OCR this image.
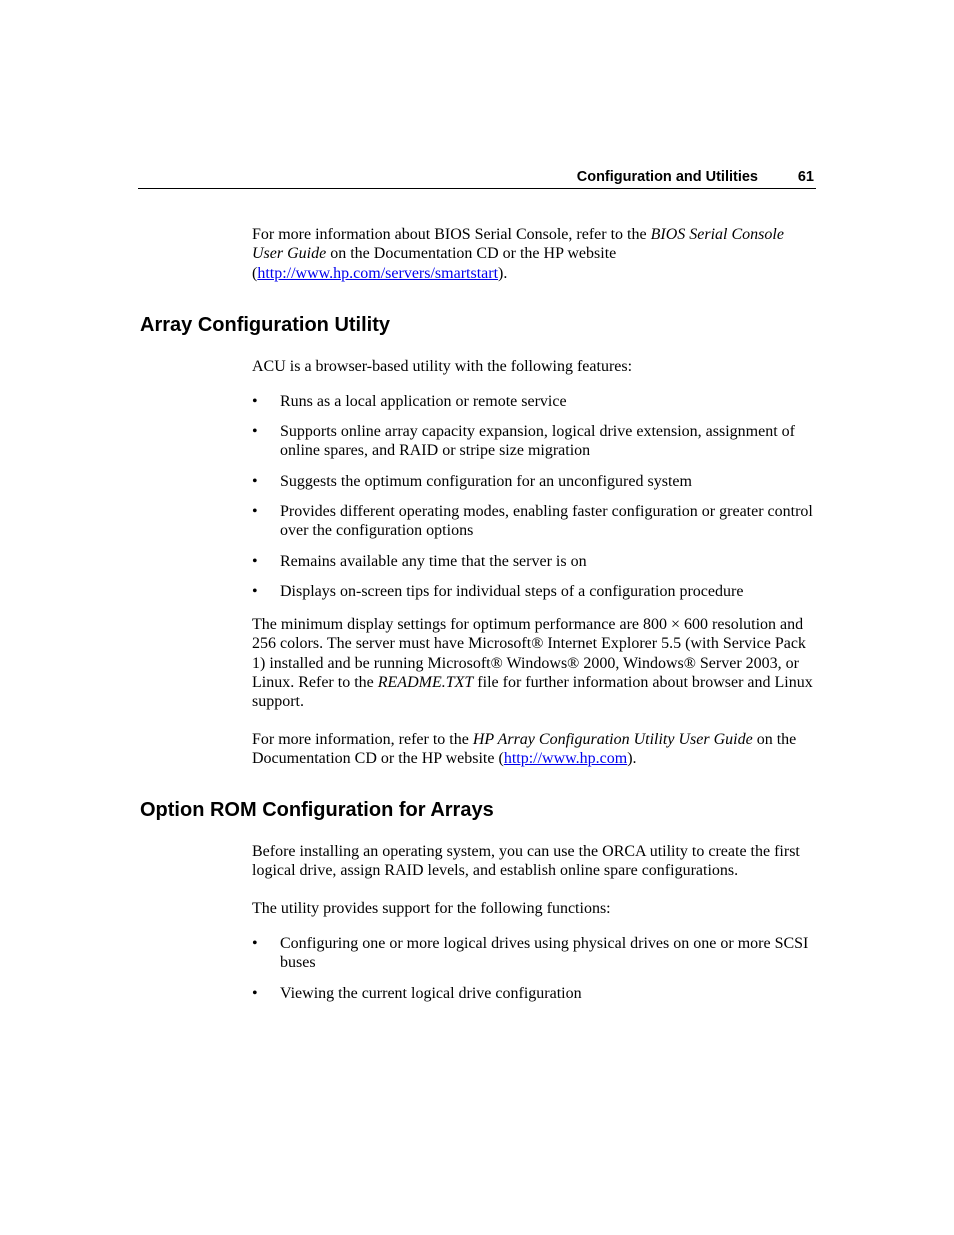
Configuration and Utilities	61

For more information about BIOS Serial Console, refer to the BIOS Serial Console User Guide on the Documentation CD or the HP website (http://www.hp.com/servers/smartstart).

Array Configuration Utility

ACU is a browser-based utility with the following features:

• Runs as a local application or remote service
• Supports online array capacity expansion, logical drive extension, assignment of online spares, and RAID or stripe size migration
• Suggests the optimum configuration for an unconfigured system
• Provides different operating modes, enabling faster configuration or greater control over the configuration options
• Remains available any time that the server is on
• Displays on-screen tips for individual steps of a configuration procedure

The minimum display settings for optimum performance are 800 × 600 resolution and 256 colors. The server must have Microsoft® Internet Explorer 5.5 (with Service Pack 1) installed and be running Microsoft® Windows® 2000, Windows® Server 2003, or Linux. Refer to the README.TXT file for further information about browser and Linux support.

For more information, refer to the HP Array Configuration Utility User Guide on the Documentation CD or the HP website (http://www.hp.com).

Option ROM Configuration for Arrays

Before installing an operating system, you can use the ORCA utility to create the first logical drive, assign RAID levels, and establish online spare configurations.

The utility provides support for the following functions:

• Configuring one or more logical drives using physical drives on one or more SCSI buses
• Viewing the current logical drive configuration
